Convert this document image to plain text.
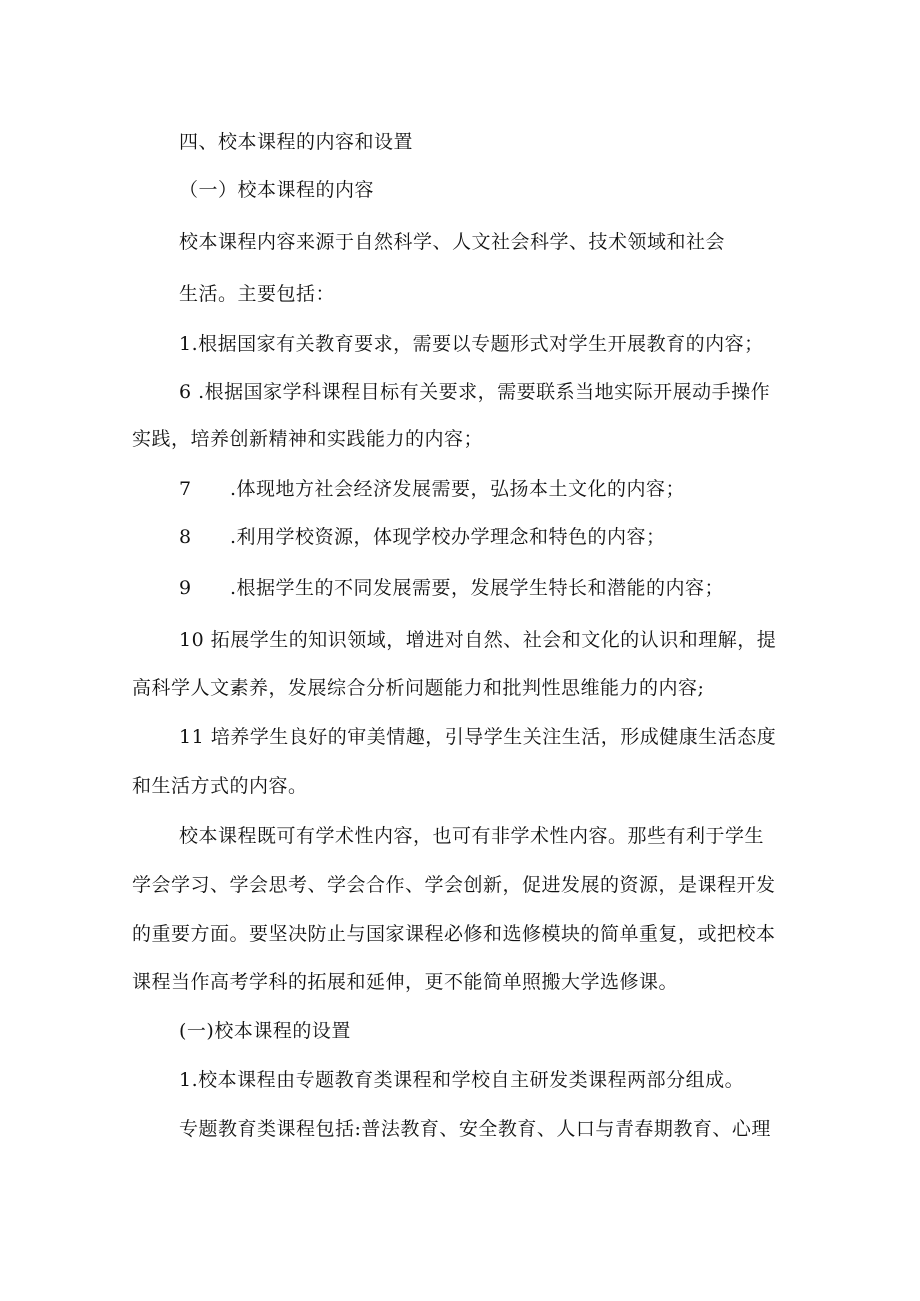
四、校本课程的内容和设置
（一）校本课程的内容
校本课程内容来源于自然科学、人文社会科学、技术领域和社会
生活。主要包括：
1.根据国家有关教育要求，需要以专题形式对学生开展教育的内容；
6 .根据国家学科课程目标有关要求，需要联系当地实际开展动手操作
实践，培养创新精神和实践能力的内容；
7 .体现地方社会经济发展需要，弘扬本土文化的内容；
8 .利用学校资源，体现学校办学理念和特色的内容；
9 .根据学生的不同发展需要，发展学生特长和潜能的内容；
10 拓展学生的知识领域，增进对自然、社会和文化的认识和理解，提
高科学人文素养，发展综合分析问题能力和批判性思维能力的内容;
11 培养学生良好的审美情趣，引导学生关注生活，形成健康生活态度
和生活方式的内容。
校本课程既可有学术性内容，也可有非学术性内容。那些有利于学生
学会学习、学会思考、学会合作、学会创新，促进发展的资源，是课程开发
的重要方面。要坚决防止与国家课程必修和选修模块的简单重复，或把校本
课程当作高考学科的拓展和延伸，更不能简单照搬大学选修课。
(一)校本课程的设置
1.校本课程由专题教育类课程和学校自主研发类课程两部分组成。
专题教育类课程包括:普法教育、安全教育、人口与青春期教育、心理
